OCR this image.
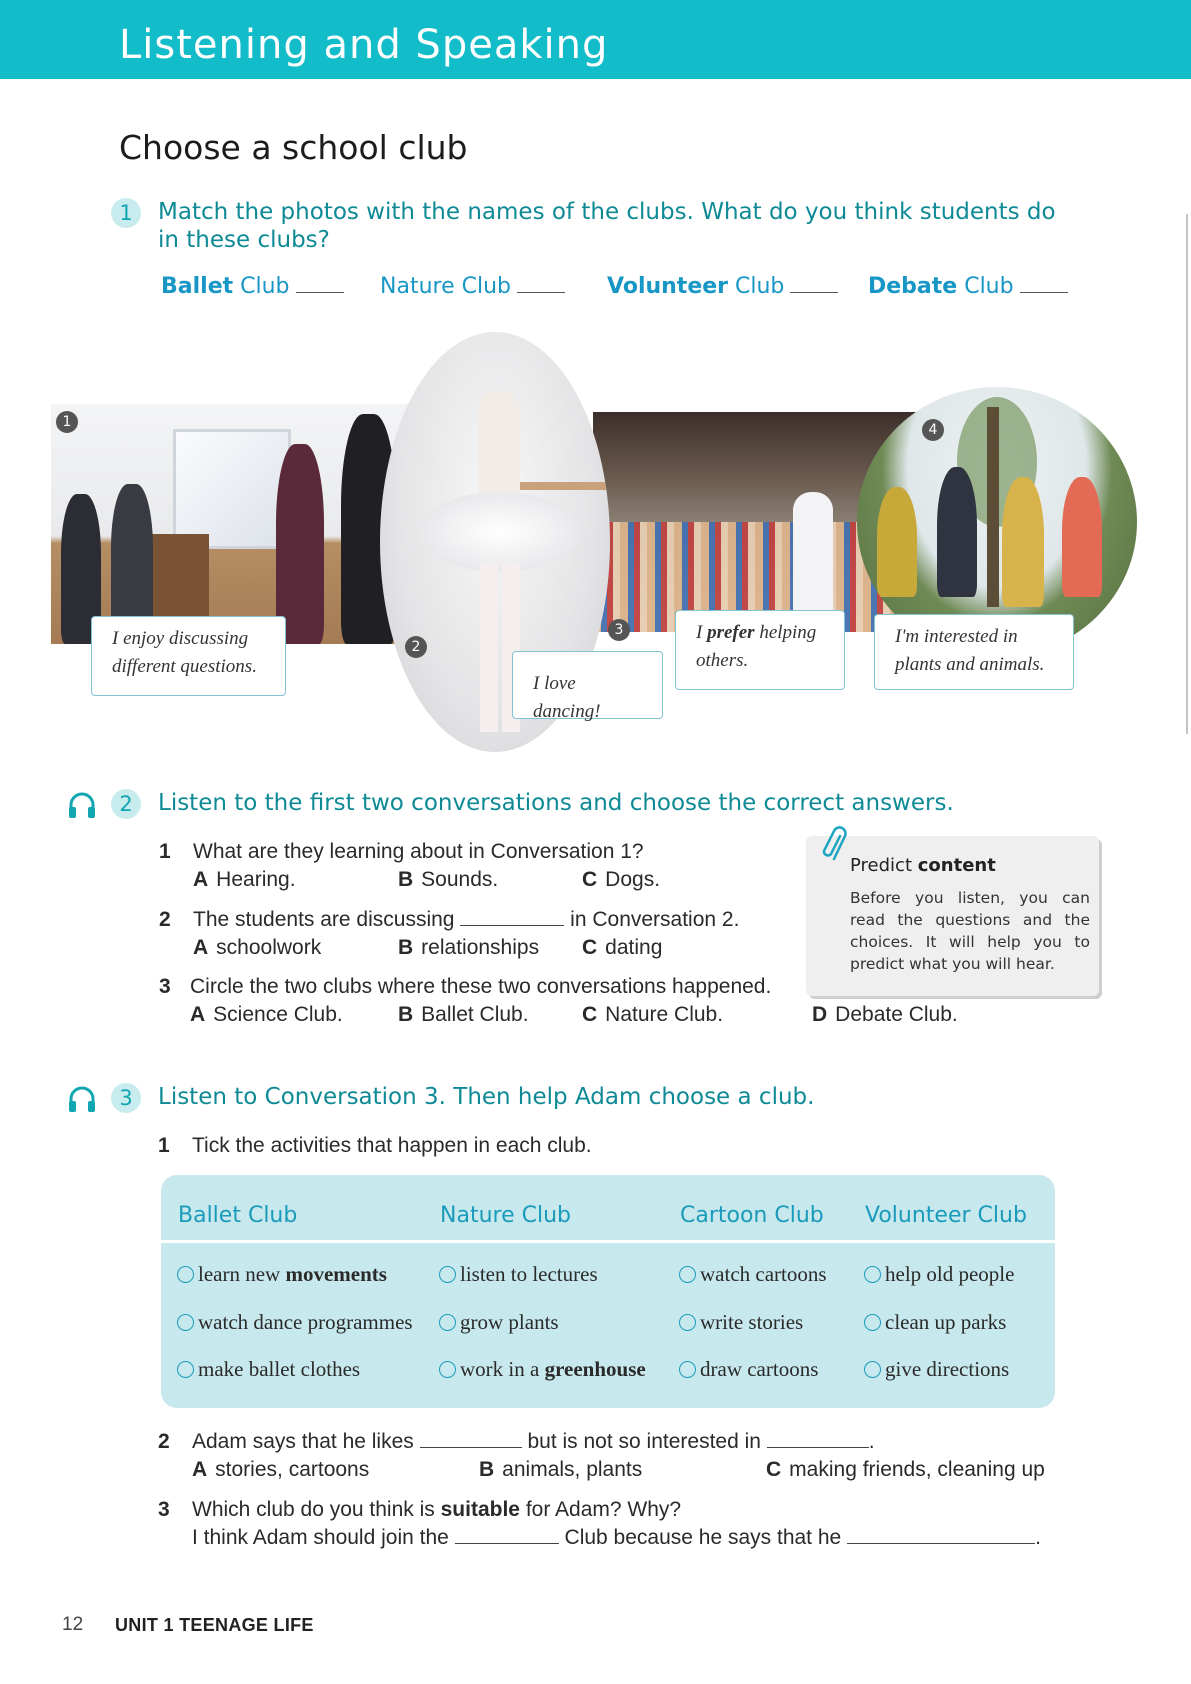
Listening and Speaking
Choose a school club
1	Match the photos with the names of the clubs. What do you think students do
in these clubs?
Ballet Club	Nature Club	Volunteer Club	Debate Club
1
2
3
4
I enjoy discussing
different questions.
I love dancing!
I prefer helping
others.
I'm interested in
plants and animals.
2	Listen to the first two conversations and choose the correct answers.
1 What are they learning about in Conversation 1?
A Hearing.	B Sounds.	C Dogs.
2 The students are discussing	in Conversation 2.
A schoolwork	B relationships C dating
3 Circle the two clubs where these two conversations happened.
A Science Club.	B Ballet Club.	C Nature Club.
Predict content
Before you listen, you can read the questions and the choices. It will help you to predict what you will hear.
D Debate Club.
3	Listen to Conversation 3. Then help Adam choose a club.
1 Tick the activities that happen in each club.
Ballet Club	Nature Club	Cartoon Club Volunteer Club
learn new movements	listen to lectures	watch cartoons	help old people
watch dance programmes	grow plants	write stories	clean up parks
make ballet clothes	work in a greenhouse	draw cartoons	give directions
2 Adam says that he likes	but is not so interested in	.
A stories, cartoons	B animals, plants	C making friends, cleaning up
3 Which club do you think is suitable for Adam? Why?
I think Adam should join the	Club because he says that he	.
12 UNIT 1 TEENAGE LIFE
